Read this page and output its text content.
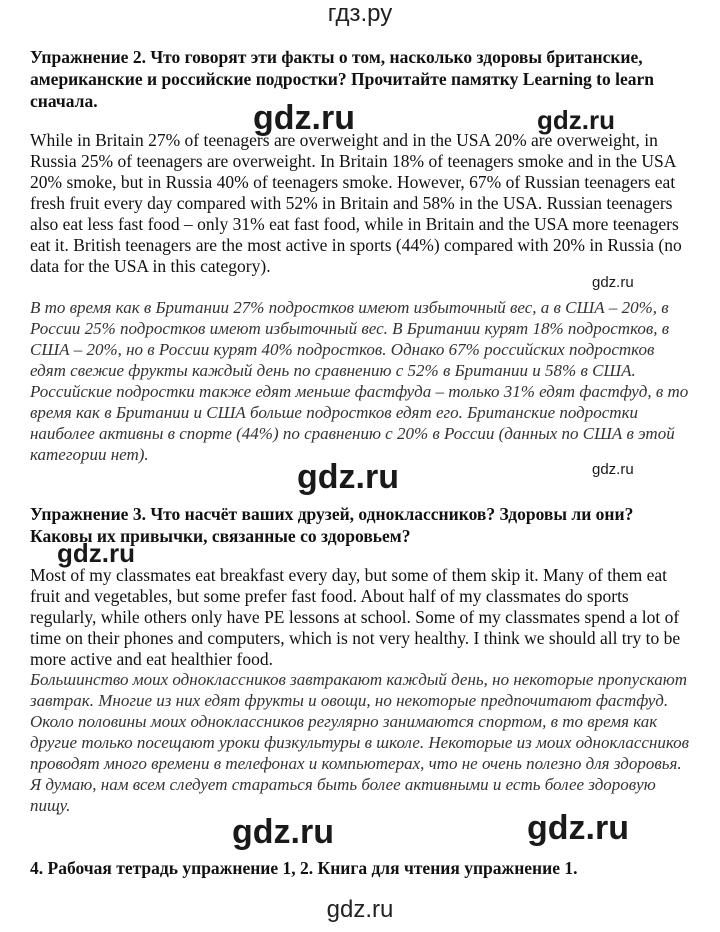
гдз.ру

Упражнение 2. Что говорят эти факты о том, насколько здоровы британские, американские и российские подростки? Прочитайте памятку Learning to learn сначала.

While in Britain 27% of teenagers are overweight and in the USA 20% are overweight, in Russia 25% of teenagers are overweight. In Britain 18% of teenagers smoke and in the USA 20% smoke, but in Russia 40% of teenagers smoke. However, 67% of Russian teenagers eat fresh fruit every day compared with 52% in Britain and 58% in the USA. Russian teenagers also eat less fast food – only 31% eat fast food, while in Britain and the USA more teenagers eat it. British teenagers are the most active in sports (44%) compared with 20% in Russia (no data for the USA in this category).

В то время как в Британии 27% подростков имеют избыточный вес, а в США – 20%, в России 25% подростков имеют избыточный вес. В Британии курят 18% подростков, в США – 20%, но в России курят 40% подростков. Однако 67% российских подростков едят свежие фрукты каждый день по сравнению с 52% в Британии и 58% в США. Российские подростки также едят меньше фастфуда – только 31% едят фастфуд, в то время как в Британии и США больше подростков едят его. Британские подростки наиболее активны в спорте (44%) по сравнению с 20% в России (данных по США в этой категории нет).

Упражнение 3. Что насчёт ваших друзей, одноклассников? Здоровы ли они? Каковы их привычки, связанные со здоровьем?

Most of my classmates eat breakfast every day, but some of them skip it. Many of them eat fruit and vegetables, but some prefer fast food. About half of my classmates do sports regularly, while others only have PE lessons at school. Some of my classmates spend a lot of time on their phones and computers, which is not very healthy. I think we should all try to be more active and eat healthier food.

Большинство моих одноклассников завтракают каждый день, но некоторые пропускают завтрак. Многие из них едят фрукты и овощи, но некоторые предпочитают фастфуд. Около половины моих одноклассников регулярно занимаются спортом, в то время как другие только посещают уроки физкультуры в школе. Некоторые из моих одноклассников проводят много времени в телефонах и компьютерах, что не очень полезно для здоровья. Я думаю, нам всем следует стараться быть более активными и есть более здоровую пищу.

4. Рабочая тетрадь упражнение 1, 2. Книга для чтения упражнение 1.

gdz.ru	gdz.ru
gdz.ru
gdz.ru	gdz.ru
gdz.ru
gdz.ru	gdz.ru
gdz.ru
